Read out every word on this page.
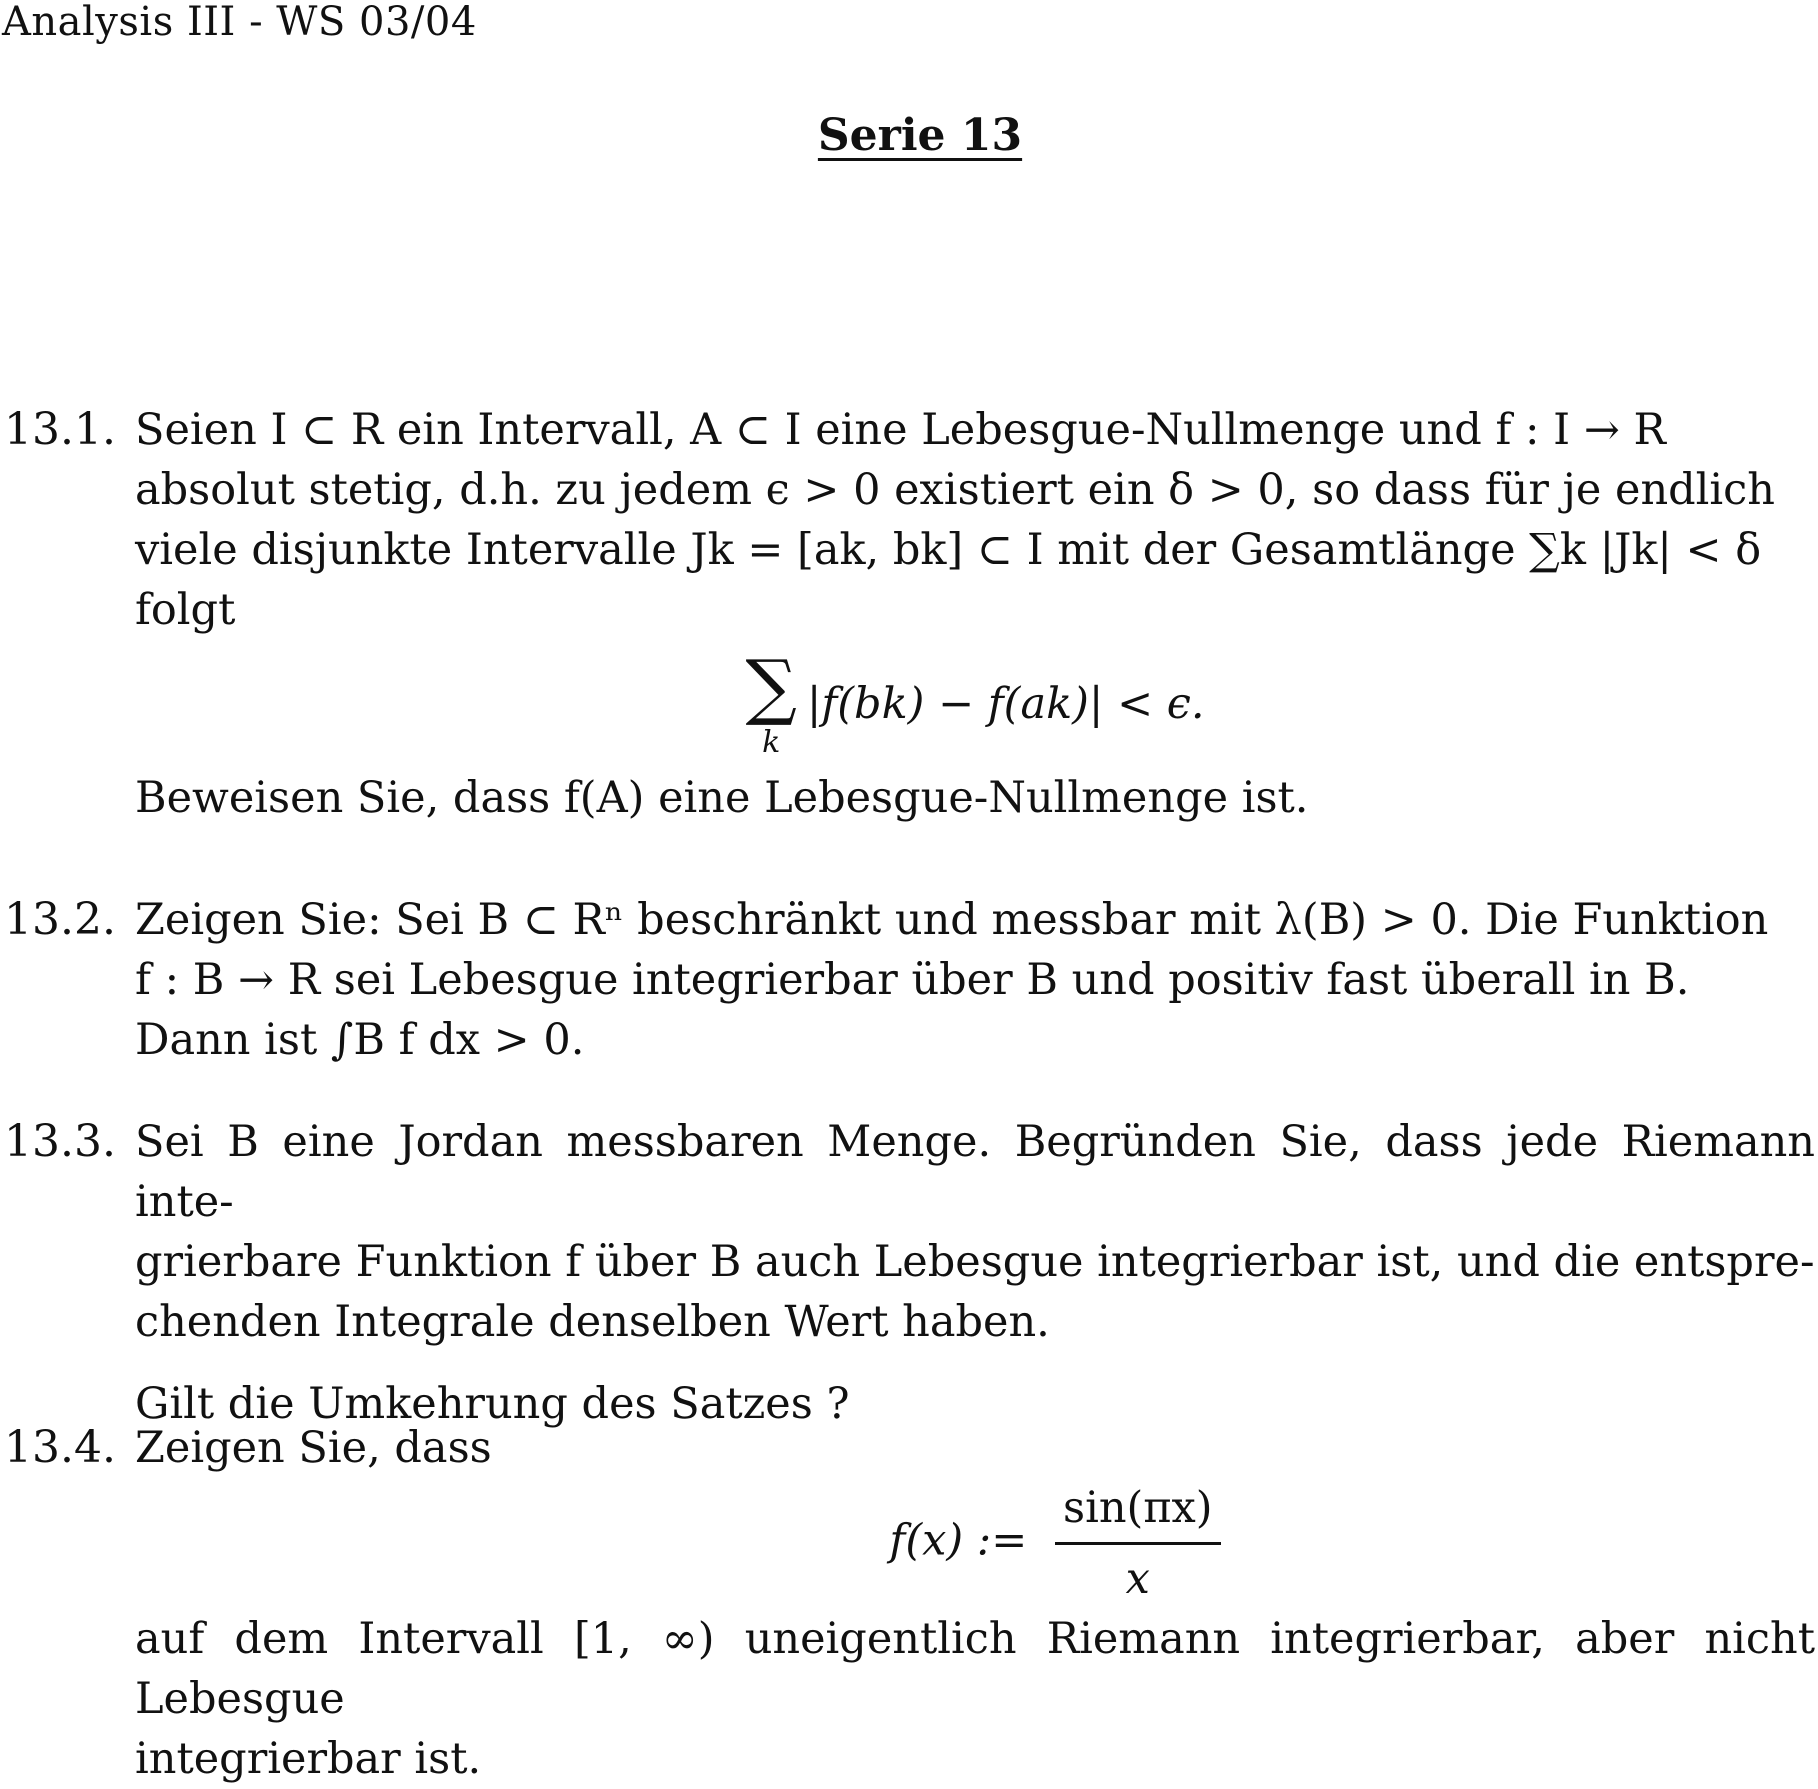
Analysis III - WS 03/04
Serie 13
13.1. Seien I ⊂ R ein Intervall, A ⊂ I eine Lebesgue-Nullmenge und f : I → R

absolut stetig, d.h. zu jedem ϵ > 0 existiert ein δ > 0, so dass für je endlich

viele disjunkte Intervalle Jk = [ak, bk] ⊂ I mit der Gesamtlänge ∑k |Jk| < δ

folgt

∑
k
|f(bk) − f(ak)| < ϵ.

Beweisen Sie, dass f(A) eine Lebesgue-Nullmenge ist.

13.2. Zeigen Sie: Sei B ⊂ Rⁿ beschränkt und messbar mit λ(B) > 0. Die Funktion

f : B → R sei Lebesgue integrierbar über B und positiv fast überall in B.

Dann ist ∫B f dx > 0.

13.3. Sei B eine Jordan messbaren Menge. Begründen Sie, dass jede Riemann inte-

grierbare Funktion f über B auch Lebesgue integrierbar ist, und die entspre-

chenden Integrale denselben Wert haben.

Gilt die Umkehrung des Satzes ?

13.4. Zeigen Sie, dass

f(x) := $\frac{\sin(\pi x)}{x}$

auf dem Intervall [1, ∞) uneigentlich Riemann integrierbar, aber nicht Lebesgue

integrierbar ist.
